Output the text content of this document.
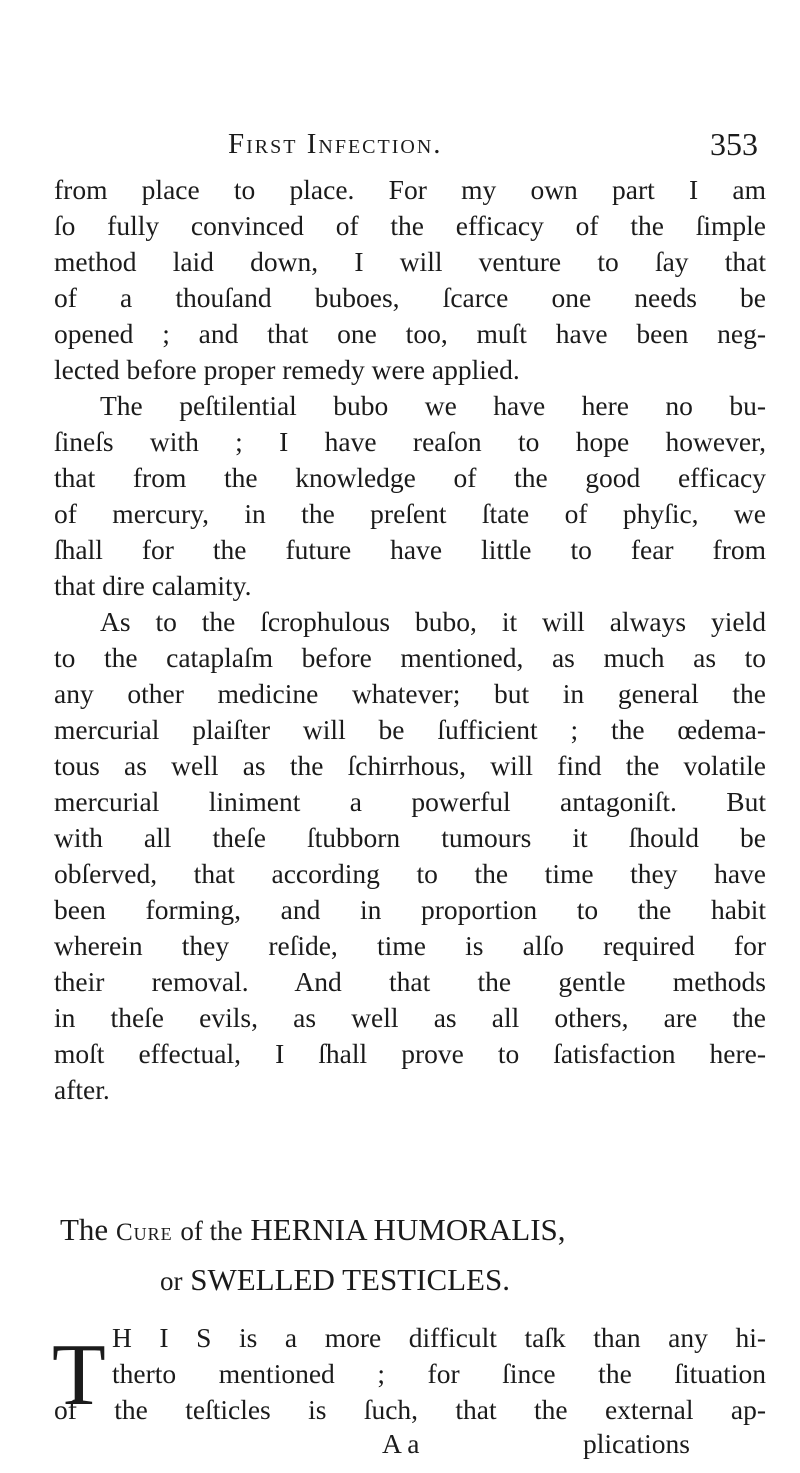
First Infection.	353
from place to place. For my own part I am
ſo fully convinced of the efficacy of the ſimple
method laid down, I will venture to ſay that
of a thouſand buboes, ſcarce one needs be
opened ; and that one too, muſt have been neg-
lected before proper remedy were applied.
The peſtilential bubo we have here no bu-
ſineſs with ; I have reaſon to hope however,
that from the knowledge of the good efficacy
of mercury, in the preſent ſtate of phyſic, we
ſhall for the future have little to fear from
that dire calamity.
As to the ſcrophulous bubo, it will always yield
to the cataplaſm before mentioned, as much as to
any other medicine whatever; but in general the
mercurial plaiſter will be ſufficient ; the œdema-
tous as well as the ſchirrhous, will find the volatile
mercurial liniment a powerful antagoniſt. But
with all theſe ſtubborn tumours it ſhould be
obſerved, that according to the time they have
been forming, and in proportion to the habit
wherein they reſide, time is alſo required for
their removal. And that the gentle methods
in theſe evils, as well as all others, are the
moſt effectual, I ſhall prove to ſatisfaction here-
after.
The Cure of the HERNIA HUMORALIS,
or SWELLED TESTICLES.
T H I S is a more difficult taſk than any hi-
therto mentioned ; for ſince the ſituation
of the teſticles is ſuch, that the external ap-
A a	plications
